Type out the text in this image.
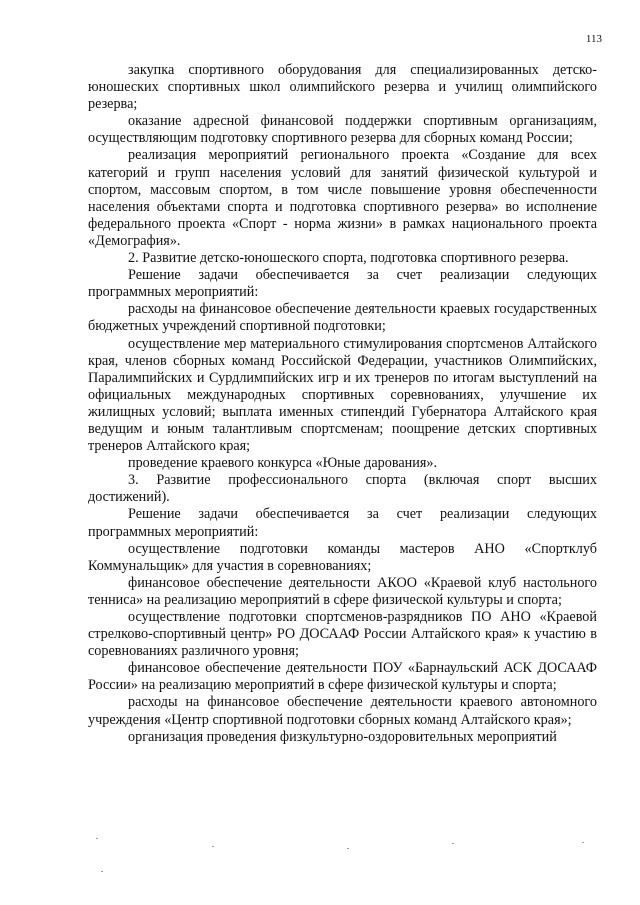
113

закупка спортивного оборудования для специализированных детско-юношеских спортивных школ олимпийского резерва и училищ олимпийского резерва;

оказание адресной финансовой поддержки спортивным организациям, осуществляющим подготовку спортивного резерва для сборных команд России;

реализация мероприятий регионального проекта «Создание для всех категорий и групп населения условий для занятий физической культурой и спортом, массовым спортом, в том числе повышение уровня обеспеченности населения объектами спорта и подготовка спортивного резерва» во исполнение федерального проекта «Спорт - норма жизни» в рамках национального проекта «Демография».

2. Развитие детско-юношеского спорта, подготовка спортивного резерва.

Решение задачи обеспечивается за счет реализации следующих программных мероприятий:

расходы на финансовое обеспечение деятельности краевых государственных бюджетных учреждений спортивной подготовки;

осуществление мер материального стимулирования спортсменов Алтайского края, членов сборных команд Российской Федерации, участников Олимпийских, Паралимпийских и Сурдлимпийских игр и их тренеров по итогам выступлений на официальных международных спортивных соревнованиях, улучшение их жилищных условий; выплата именных стипендий Губернатора Алтайского края ведущим и юным талантливым спортсменам; поощрение детских спортивных тренеров Алтайского края;

проведение краевого конкурса «Юные дарования».

3. Развитие профессионального спорта (включая спорт высших достижений).

Решение задачи обеспечивается за счет реализации следующих программных мероприятий:

осуществление подготовки команды мастеров АНО «Спортклуб Коммунальщик» для участия в соревнованиях;

финансовое обеспечение деятельности АКОО «Краевой клуб настольного тенниса» на реализацию мероприятий в сфере физической культуры и спорта;

осуществление подготовки спортсменов-разрядников ПО АНО «Краевой стрелково-спортивный центр» РО ДОСААФ России Алтайского края» к участию в соревнованиях различного уровня;

финансовое обеспечение деятельности ПОУ «Барнаульский АСК ДОСААФ России» на реализацию мероприятий в сфере физической культуры и спорта;

расходы на финансовое обеспечение деятельности краевого автономного учреждения «Центр спортивной подготовки сборных команд Алтайского края»;

организация проведения физкультурно-оздоровительных мероприятий
